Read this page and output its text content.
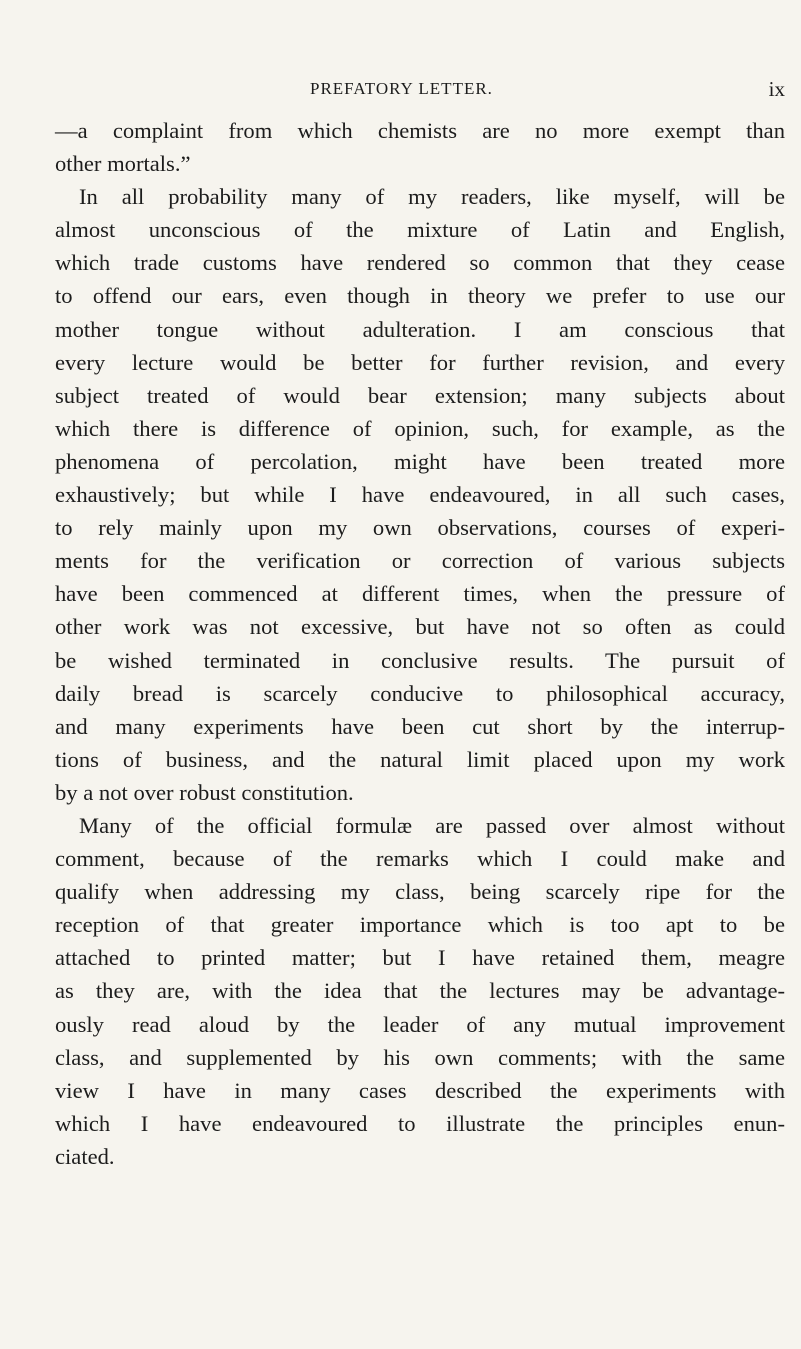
PREFATORY LETTER.	ix
—a complaint from which chemists are no more exempt than
other mortals.”
In all probability many of my readers, like myself, will be
almost unconscious of the mixture of Latin and English,
which trade customs have rendered so common that they cease
to offend our ears, even though in theory we prefer to use our
mother tongue without adulteration. I am conscious that
every lecture would be better for further revision, and every
subject treated of would bear extension; many subjects about
which there is difference of opinion, such, for example, as the
phenomena of percolation, might have been treated more
exhaustively; but while I have endeavoured, in all such cases,
to rely mainly upon my own observations, courses of experi-
ments for the verification or correction of various subjects
have been commenced at different times, when the pressure of
other work was not excessive, but have not so often as could
be wished terminated in conclusive results. The pursuit of
daily bread is scarcely conducive to philosophical accuracy,
and many experiments have been cut short by the interrup-
tions of business, and the natural limit placed upon my work
by a not over robust constitution.
Many of the official formulæ are passed over almost without
comment, because of the remarks which I could make and
qualify when addressing my class, being scarcely ripe for the
reception of that greater importance which is too apt to be
attached to printed matter; but I have retained them, meagre
as they are, with the idea that the lectures may be advantage-
ously read aloud by the leader of any mutual improvement
class, and supplemented by his own comments; with the same
view I have in many cases described the experiments with
which I have endeavoured to illustrate the principles enun-
ciated.
